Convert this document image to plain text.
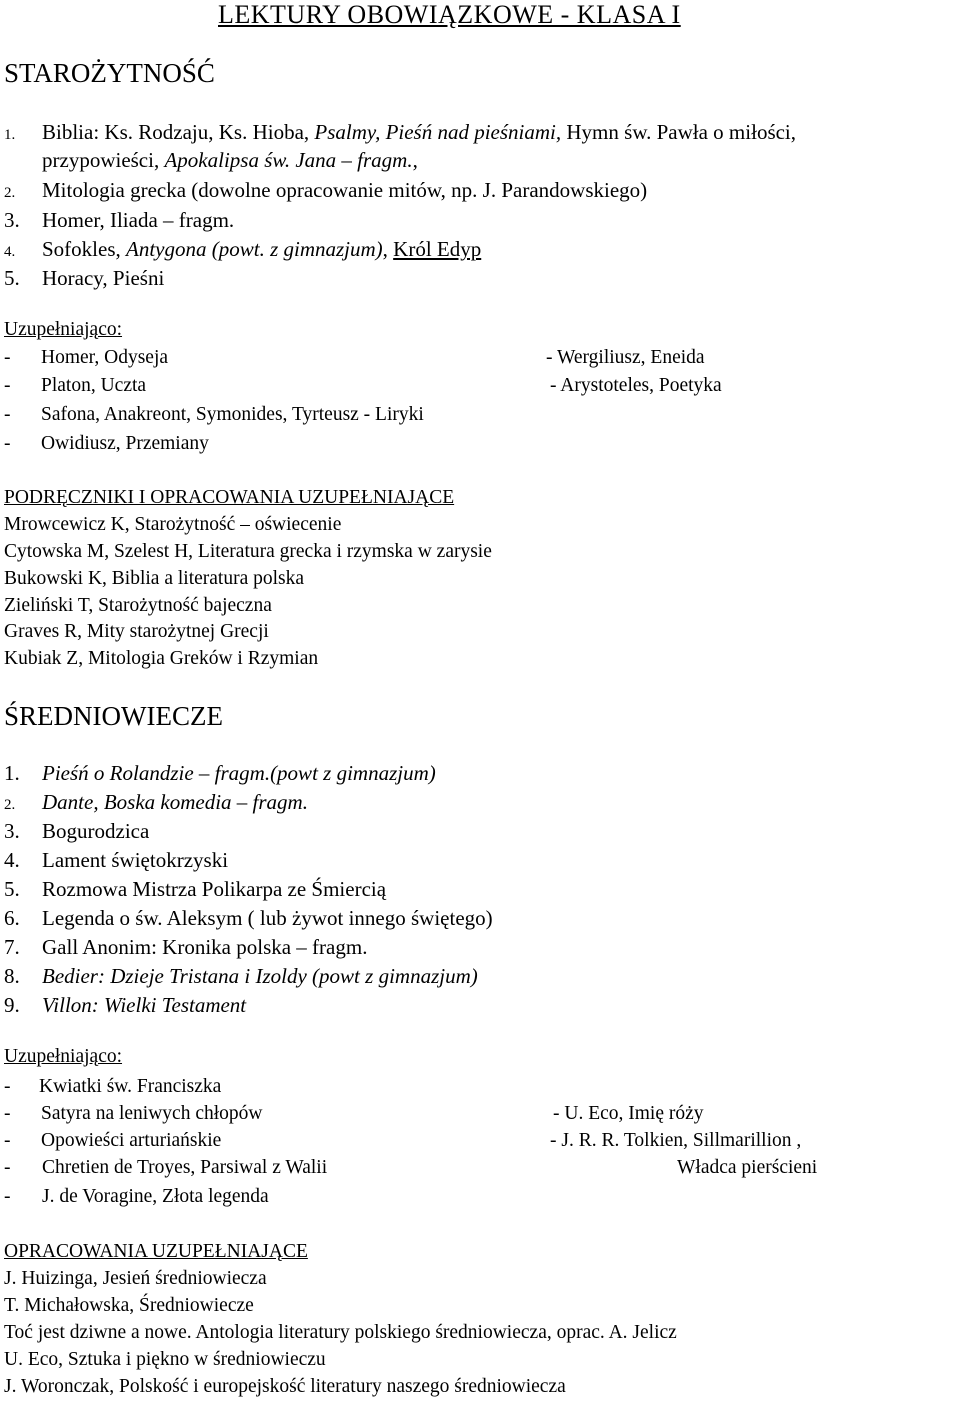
LEKTURY OBOWIĄZKOWE - KLASA I
STAROŻYTNOŚĆ
1. Biblia: Ks. Rodzaju, Ks. Hioba, Psalmy, Pieśń nad pieśniami, Hymn św. Pawła o miłości,
przypowieści, Apokalipsa św. Jana – fragm.,
2. Mitologia grecka (dowolne opracowanie mitów, np. J. Parandowskiego)
3. Homer, Iliada – fragm.
4. Sofokles, Antygona (powt. z gimnazjum), Król Edyp
5. Horacy, Pieśni
Uzupełniająco:
- Homer, Odyseja	- Wergiliusz, Eneida
- Platon, Uczta	- Arystoteles, Poetyka
- Safona, Anakreont, Symonides, Tyrteusz - Liryki
- Owidiusz, Przemiany
PODRĘCZNIKI I OPRACOWANIA UZUPEŁNIAJĄCE
Mrowcewicz K, Starożytność – oświecenie
Cytowska M, Szelest H, Literatura grecka i rzymska w zarysie
Bukowski K, Biblia a literatura polska
Zieliński T, Starożytność bajeczna
Graves R, Mity starożytnej Grecji
Kubiak Z, Mitologia Greków i Rzymian
ŚREDNIOWIECZE
1. Pieśń o Rolandzie – fragm.(powt z gimnazjum)
2. Dante, Boska komedia – fragm.
3. Bogurodzica
4. Lament świętokrzyski
5. Rozmowa Mistrza Polikarpa ze Śmiercią
6. Legenda o św. Aleksym ( lub żywot innego świętego)
7. Gall Anonim: Kronika polska – fragm.
8. Bedier: Dzieje Tristana i Izoldy (powt z gimnazjum)
9. Villon: Wielki Testament
Uzupełniająco:
- Kwiatki św. Franciszka
- Satyra na leniwych chłopów	- U. Eco, Imię róży
- Opowieści arturiańskie	- J. R. R. Tolkien, Sillmarillion ,
- Chretien de Troyes, Parsiwal z Walii	Władca pierścieni
- J. de Voragine, Złota legenda
OPRACOWANIA UZUPEŁNIAJĄCE
J. Huizinga, Jesień średniowiecza
T. Michałowska, Średniowiecze
Toć jest dziwne a nowe. Antologia literatury polskiego średniowiecza, oprac. A. Jelicz
U. Eco, Sztuka i piękno w średniowieczu
J. Woronczak, Polskość i europejskość literatury naszego średniowiecza
